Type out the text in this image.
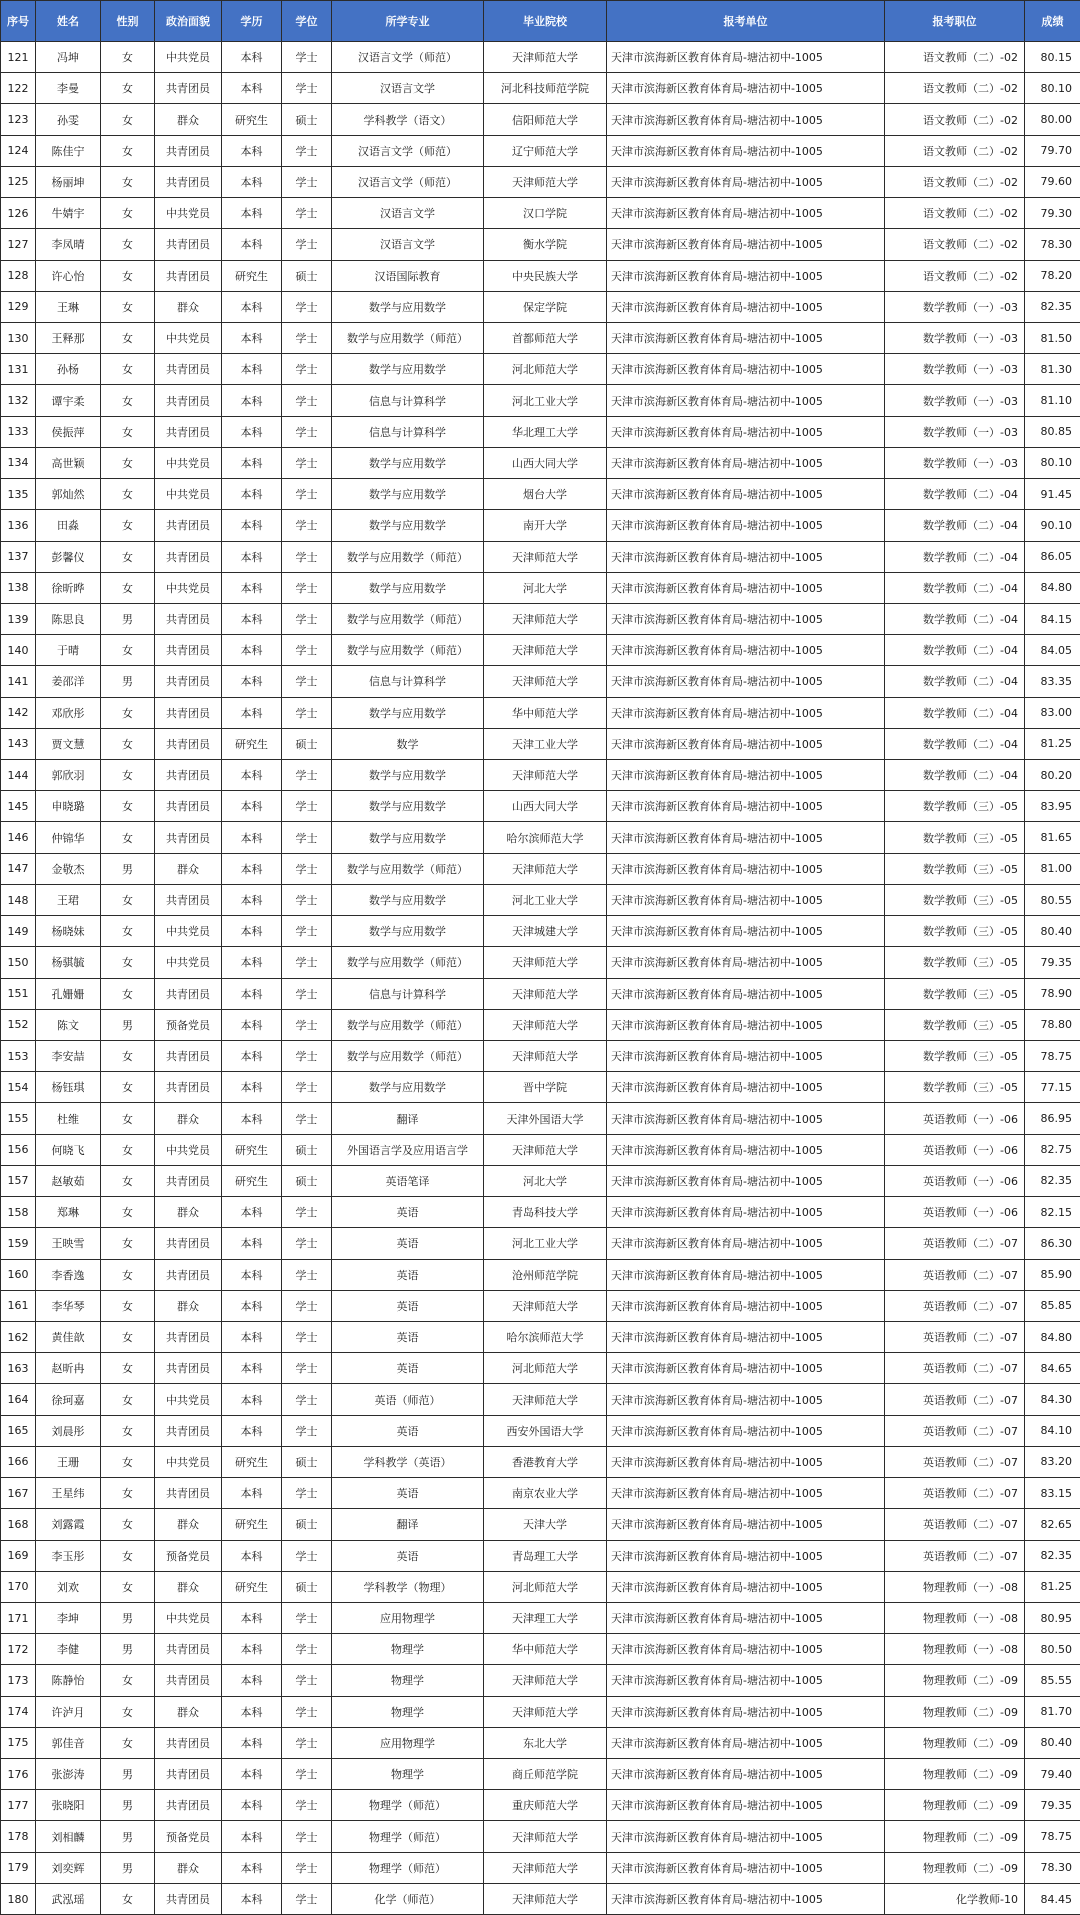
序号	姓名	性别	政治面貌	学历	学位	所学专业	毕业院校	报考单位	报考职位	成绩
121	冯坤	女	中共党员	本科	学士	汉语言文学（师范）	天津师范大学	天津市滨海新区教育体育局-塘沽初中-1005	语文教师（二）-02	80.15
122	李曼	女	共青团员	本科	学士	汉语言文学	河北科技师范学院	天津市滨海新区教育体育局-塘沽初中-1005	语文教师（二）-02	80.10
123	孙雯	女	群众	研究生	硕士	学科教学（语文）	信阳师范大学	天津市滨海新区教育体育局-塘沽初中-1005	语文教师（二）-02	80.00
124	陈佳宁	女	共青团员	本科	学士	汉语言文学（师范）	辽宁师范大学	天津市滨海新区教育体育局-塘沽初中-1005	语文教师（二）-02	79.70
125	杨丽坤	女	共青团员	本科	学士	汉语言文学（师范）	天津师范大学	天津市滨海新区教育体育局-塘沽初中-1005	语文教师（二）-02	79.60
126	牛婧宇	女	中共党员	本科	学士	汉语言文学	汉口学院	天津市滨海新区教育体育局-塘沽初中-1005	语文教师（二）-02	79.30
127	李凤晴	女	共青团员	本科	学士	汉语言文学	衡水学院	天津市滨海新区教育体育局-塘沽初中-1005	语文教师（二）-02	78.30
128	许心怡	女	共青团员	研究生	硕士	汉语国际教育	中央民族大学	天津市滨海新区教育体育局-塘沽初中-1005	语文教师（二）-02	78.20
129	王琳	女	群众	本科	学士	数学与应用数学	保定学院	天津市滨海新区教育体育局-塘沽初中-1005	数学教师（一）-03	82.35
130	王释那	女	中共党员	本科	学士	数学与应用数学（师范）	首都师范大学	天津市滨海新区教育体育局-塘沽初中-1005	数学教师（一）-03	81.50
131	孙杨	女	共青团员	本科	学士	数学与应用数学	河北师范大学	天津市滨海新区教育体育局-塘沽初中-1005	数学教师（一）-03	81.30
132	谭宇柔	女	共青团员	本科	学士	信息与计算科学	河北工业大学	天津市滨海新区教育体育局-塘沽初中-1005	数学教师（一）-03	81.10
133	侯振萍	女	共青团员	本科	学士	信息与计算科学	华北理工大学	天津市滨海新区教育体育局-塘沽初中-1005	数学教师（一）-03	80.85
134	高世颖	女	中共党员	本科	学士	数学与应用数学	山西大同大学	天津市滨海新区教育体育局-塘沽初中-1005	数学教师（一）-03	80.10
135	郭灿然	女	中共党员	本科	学士	数学与应用数学	烟台大学	天津市滨海新区教育体育局-塘沽初中-1005	数学教师（二）-04	91.45
136	田淼	女	共青团员	本科	学士	数学与应用数学	南开大学	天津市滨海新区教育体育局-塘沽初中-1005	数学教师（二）-04	90.10
137	彭馨仪	女	共青团员	本科	学士	数学与应用数学（师范）	天津师范大学	天津市滨海新区教育体育局-塘沽初中-1005	数学教师（二）-04	86.05
138	徐昕晔	女	中共党员	本科	学士	数学与应用数学	河北大学	天津市滨海新区教育体育局-塘沽初中-1005	数学教师（二）-04	84.80
139	陈思良	男	共青团员	本科	学士	数学与应用数学（师范）	天津师范大学	天津市滨海新区教育体育局-塘沽初中-1005	数学教师（二）-04	84.15
140	于晴	女	共青团员	本科	学士	数学与应用数学（师范）	天津师范大学	天津市滨海新区教育体育局-塘沽初中-1005	数学教师（二）-04	84.05
141	姜邵洋	男	共青团员	本科	学士	信息与计算科学	天津师范大学	天津市滨海新区教育体育局-塘沽初中-1005	数学教师（二）-04	83.35
142	邓欣彤	女	共青团员	本科	学士	数学与应用数学	华中师范大学	天津市滨海新区教育体育局-塘沽初中-1005	数学教师（二）-04	83.00
143	贾文慧	女	共青团员	研究生	硕士	数学	天津工业大学	天津市滨海新区教育体育局-塘沽初中-1005	数学教师（二）-04	81.25
144	郭欣羽	女	共青团员	本科	学士	数学与应用数学	天津师范大学	天津市滨海新区教育体育局-塘沽初中-1005	数学教师（二）-04	80.20
145	申晓璐	女	共青团员	本科	学士	数学与应用数学	山西大同大学	天津市滨海新区教育体育局-塘沽初中-1005	数学教师（三）-05	83.95
146	仲锦华	女	共青团员	本科	学士	数学与应用数学	哈尔滨师范大学	天津市滨海新区教育体育局-塘沽初中-1005	数学教师（三）-05	81.65
147	金敬杰	男	群众	本科	学士	数学与应用数学（师范）	天津师范大学	天津市滨海新区教育体育局-塘沽初中-1005	数学教师（三）-05	81.00
148	王珺	女	共青团员	本科	学士	数学与应用数学	河北工业大学	天津市滨海新区教育体育局-塘沽初中-1005	数学教师（三）-05	80.55
149	杨晓妹	女	中共党员	本科	学士	数学与应用数学	天津城建大学	天津市滨海新区教育体育局-塘沽初中-1005	数学教师（三）-05	80.40
150	杨骐毓	女	中共党员	本科	学士	数学与应用数学（师范）	天津师范大学	天津市滨海新区教育体育局-塘沽初中-1005	数学教师（三）-05	79.35
151	孔姗姗	女	共青团员	本科	学士	信息与计算科学	天津师范大学	天津市滨海新区教育体育局-塘沽初中-1005	数学教师（三）-05	78.90
152	陈文	男	预备党员	本科	学士	数学与应用数学（师范）	天津师范大学	天津市滨海新区教育体育局-塘沽初中-1005	数学教师（三）-05	78.80
153	李安喆	女	共青团员	本科	学士	数学与应用数学（师范）	天津师范大学	天津市滨海新区教育体育局-塘沽初中-1005	数学教师（三）-05	78.75
154	杨钰琪	女	共青团员	本科	学士	数学与应用数学	晋中学院	天津市滨海新区教育体育局-塘沽初中-1005	数学教师（三）-05	77.15
155	杜维	女	群众	本科	学士	翻译	天津外国语大学	天津市滨海新区教育体育局-塘沽初中-1005	英语教师（一）-06	86.95
156	何晓飞	女	中共党员	研究生	硕士	外国语言学及应用语言学	天津师范大学	天津市滨海新区教育体育局-塘沽初中-1005	英语教师（一）-06	82.75
157	赵敏茹	女	共青团员	研究生	硕士	英语笔译	河北大学	天津市滨海新区教育体育局-塘沽初中-1005	英语教师（一）-06	82.35
158	郑琳	女	群众	本科	学士	英语	青岛科技大学	天津市滨海新区教育体育局-塘沽初中-1005	英语教师（一）-06	82.15
159	王映雪	女	共青团员	本科	学士	英语	河北工业大学	天津市滨海新区教育体育局-塘沽初中-1005	英语教师（二）-07	86.30
160	李香逸	女	共青团员	本科	学士	英语	沧州师范学院	天津市滨海新区教育体育局-塘沽初中-1005	英语教师（二）-07	85.90
161	李华琴	女	群众	本科	学士	英语	天津师范大学	天津市滨海新区教育体育局-塘沽初中-1005	英语教师（二）-07	85.85
162	黄佳歆	女	共青团员	本科	学士	英语	哈尔滨师范大学	天津市滨海新区教育体育局-塘沽初中-1005	英语教师（二）-07	84.80
163	赵昕冉	女	共青团员	本科	学士	英语	河北师范大学	天津市滨海新区教育体育局-塘沽初中-1005	英语教师（二）-07	84.65
164	徐珂嘉	女	中共党员	本科	学士	英语（师范）	天津师范大学	天津市滨海新区教育体育局-塘沽初中-1005	英语教师（二）-07	84.30
165	刘晨彤	女	共青团员	本科	学士	英语	西安外国语大学	天津市滨海新区教育体育局-塘沽初中-1005	英语教师（二）-07	84.10
166	王珊	女	中共党员	研究生	硕士	学科教学（英语）	香港教育大学	天津市滨海新区教育体育局-塘沽初中-1005	英语教师（二）-07	83.20
167	王星纬	女	共青团员	本科	学士	英语	南京农业大学	天津市滨海新区教育体育局-塘沽初中-1005	英语教师（二）-07	83.15
168	刘露霞	女	群众	研究生	硕士	翻译	天津大学	天津市滨海新区教育体育局-塘沽初中-1005	英语教师（二）-07	82.65
169	李玉彤	女	预备党员	本科	学士	英语	青岛理工大学	天津市滨海新区教育体育局-塘沽初中-1005	英语教师（二）-07	82.35
170	刘欢	女	群众	研究生	硕士	学科教学（物理）	河北师范大学	天津市滨海新区教育体育局-塘沽初中-1005	物理教师（一）-08	81.25
171	李坤	男	中共党员	本科	学士	应用物理学	天津理工大学	天津市滨海新区教育体育局-塘沽初中-1005	物理教师（一）-08	80.95
172	李健	男	共青团员	本科	学士	物理学	华中师范大学	天津市滨海新区教育体育局-塘沽初中-1005	物理教师（一）-08	80.50
173	陈静怡	女	共青团员	本科	学士	物理学	天津师范大学	天津市滨海新区教育体育局-塘沽初中-1005	物理教师（二）-09	85.55
174	许泸月	女	群众	本科	学士	物理学	天津师范大学	天津市滨海新区教育体育局-塘沽初中-1005	物理教师（二）-09	81.70
175	郭佳音	女	共青团员	本科	学士	应用物理学	东北大学	天津市滨海新区教育体育局-塘沽初中-1005	物理教师（二）-09	80.40
176	张澎涛	男	共青团员	本科	学士	物理学	商丘师范学院	天津市滨海新区教育体育局-塘沽初中-1005	物理教师（二）-09	79.40
177	张晓阳	男	共青团员	本科	学士	物理学（师范）	重庆师范大学	天津市滨海新区教育体育局-塘沽初中-1005	物理教师（二）-09	79.35
178	刘相麟	男	预备党员	本科	学士	物理学（师范）	天津师范大学	天津市滨海新区教育体育局-塘沽初中-1005	物理教师（二）-09	78.75
179	刘奕辉	男	群众	本科	学士	物理学（师范）	天津师范大学	天津市滨海新区教育体育局-塘沽初中-1005	物理教师（二）-09	78.30
180	武泓瑶	女	共青团员	本科	学士	化学（师范）	天津师范大学	天津市滨海新区教育体育局-塘沽初中-1005	化学教师-10	84.45
